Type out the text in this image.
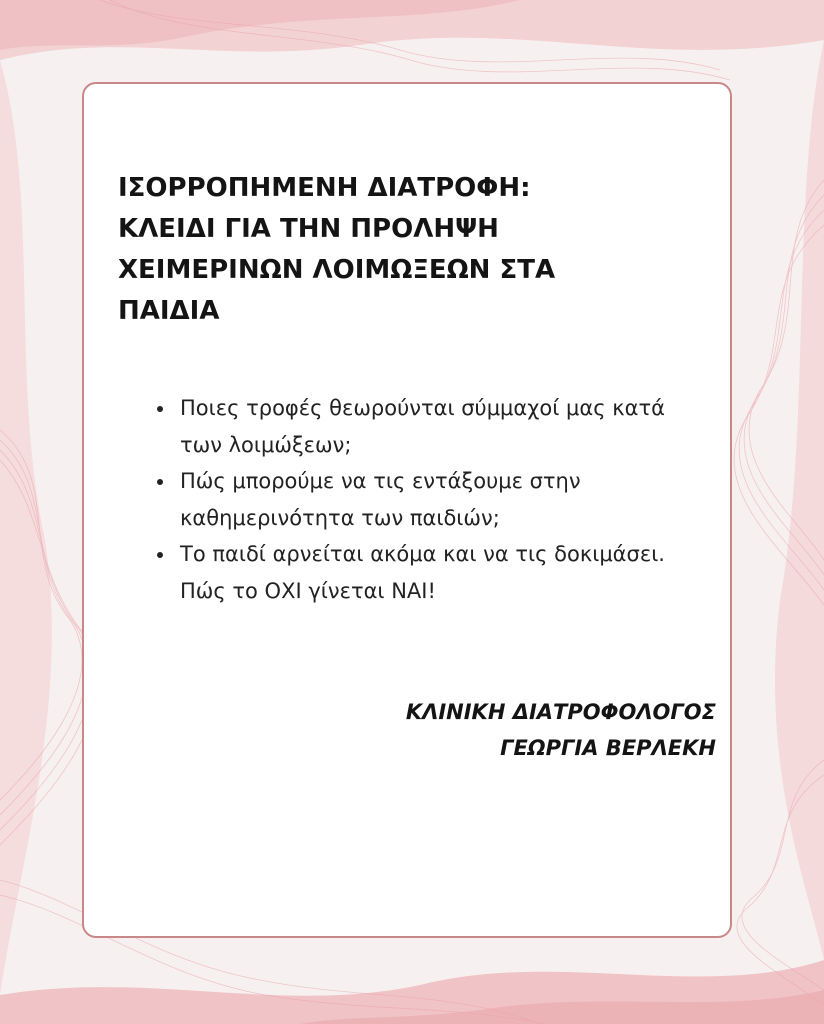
ΙΣΟΡΡΟΠΗΜΕΝΗ ΔΙΑΤΡΟΦΗ: ΚΛΕΙΔΙ ΓΙΑ ΤΗΝ ΠΡΟΛΗΨΗ ΧΕΙΜΕΡΙΝΩΝ ΛΟΙΜΩΞΕΩΝ ΣΤΑ ΠΑΙΔΙΑ
• Ποιες τροφές θεωρούνται σύμμαχοί μας κατά των λοιμώξεων;
• Πώς μπορούμε να τις εντάξουμε στην καθημερινότητα των παιδιών;
• Το παιδί αρνείται ακόμα και να τις δοκιμάσει. Πώς το ΟΧΙ γίνεται ΝΑΙ!
ΚΛΙΝΙΚΗ ΔΙΑΤΡΟΦΟΛΟΓΟΣ
ΓΕΩΡΓΙΑ ΒΕΡΛΕΚΗ
